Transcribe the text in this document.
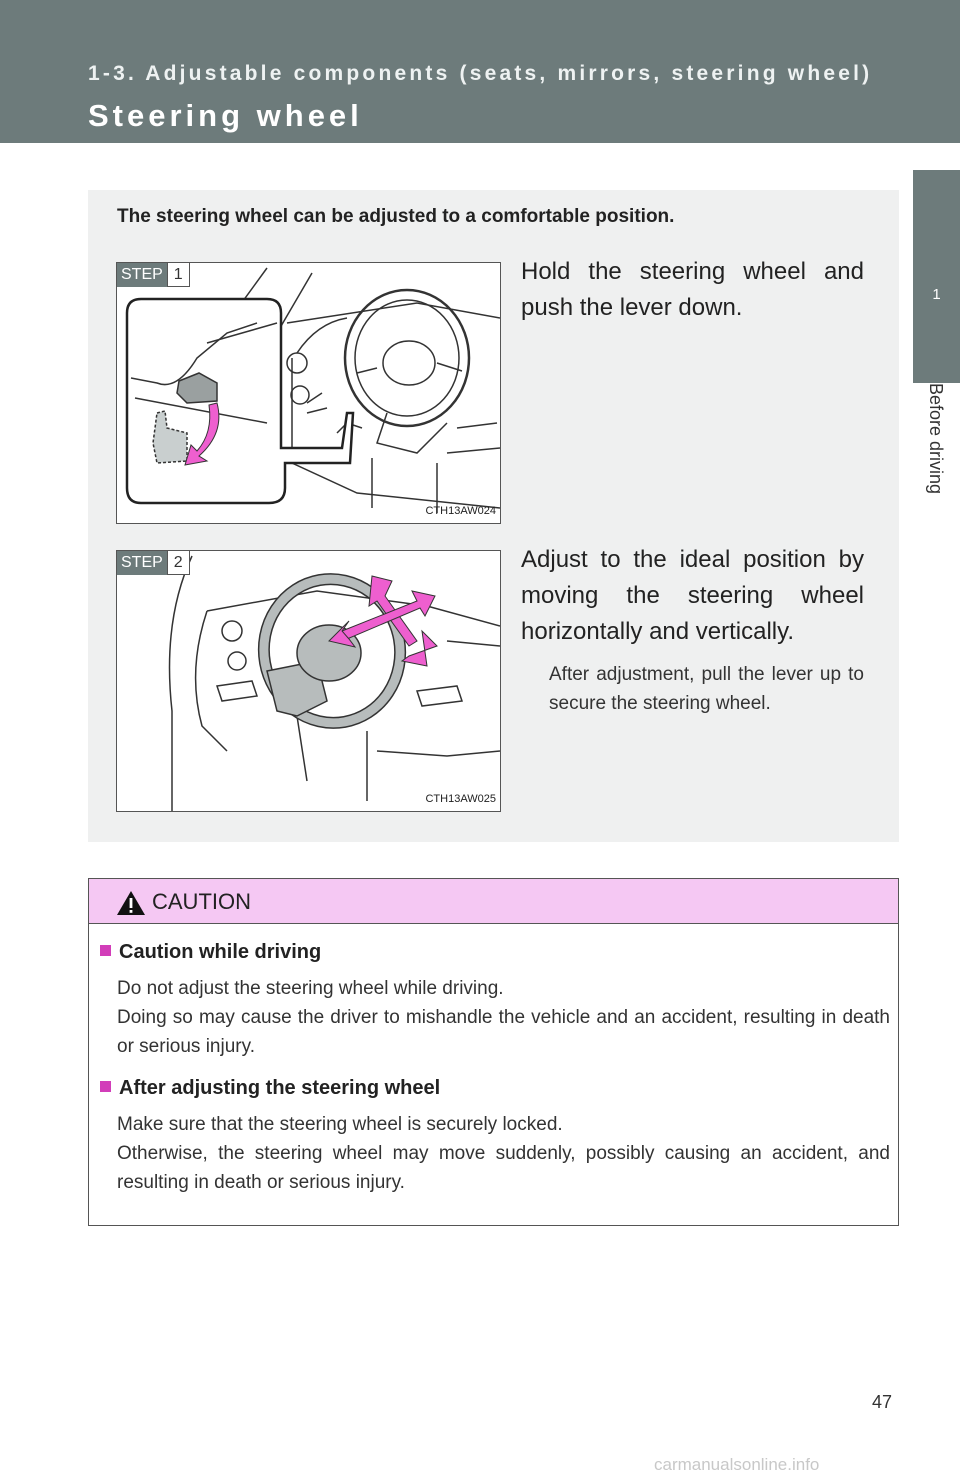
1-3. Adjustable components (seats, mirrors, steering wheel)
Steering wheel
1
Before driving
The steering wheel can be adjusted to a comfortable position.
STEP 1
CTH13AW024
Hold the steering wheel and push the lever down.
STEP 2
CTH13AW025
Adjust to the ideal position by moving the steering wheel horizontally and vertically.
After adjustment, pull the lever up to secure the steering wheel.
CAUTION
Caution while driving
Do not adjust the steering wheel while driving.
Doing so may cause the driver to mishandle the vehicle and an accident, resulting in death or serious injury.
After adjusting the steering wheel
Make sure that the steering wheel is securely locked.
Otherwise, the steering wheel may move suddenly, possibly causing an accident, and resulting in death or serious injury.
47
carmanualsonline.info
